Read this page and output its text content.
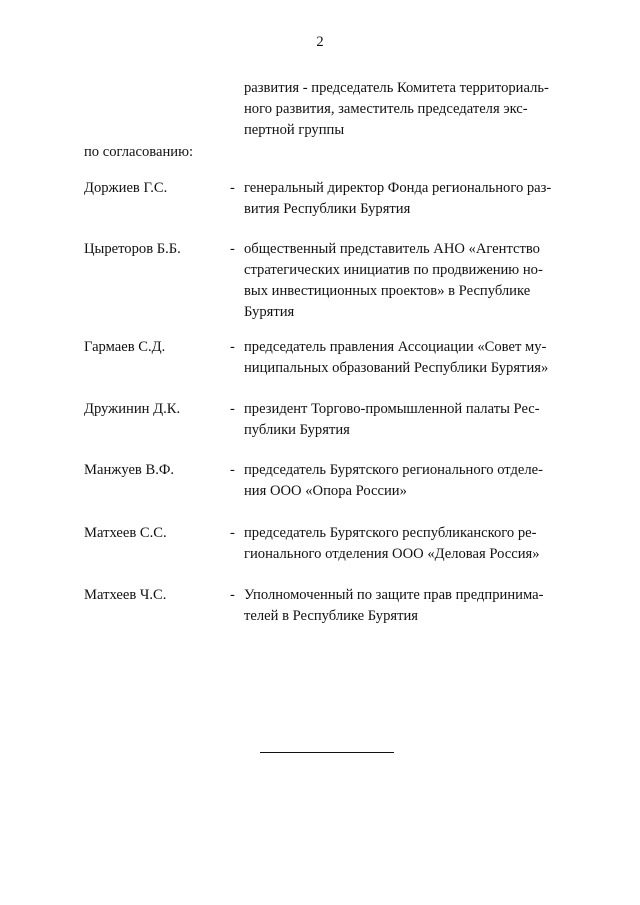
2
развития - председатель Комитета территориаль-
ного развития, заместитель председателя экс-
пертной группы
по согласованию:
Доржиев Г.С.	- генеральный директор Фонда регионального раз-
вития Республики Бурятия
Цыреторов Б.Б.	- общественный представитель АНО «Агентство
стратегических инициатив по продвижению но-
вых инвестиционных проектов» в Республике
Бурятия
Гармаев С.Д.	- председатель правления Ассоциации «Совет му-
ниципальных образований Республики Бурятия»
Дружинин Д.К.	- президент Торгово-промышленной палаты Рес-
публики Бурятия
Манжуев В.Ф.	- председатель Бурятского регионального отделе-
ния ООО «Опора России»
Матхеев С.С.	- председатель Бурятского республиканского ре-
гионального отделения ООО «Деловая Россия»
Матхеев Ч.С.	- Уполномоченный по защите прав предпринима-
телей в Республике Бурятия
